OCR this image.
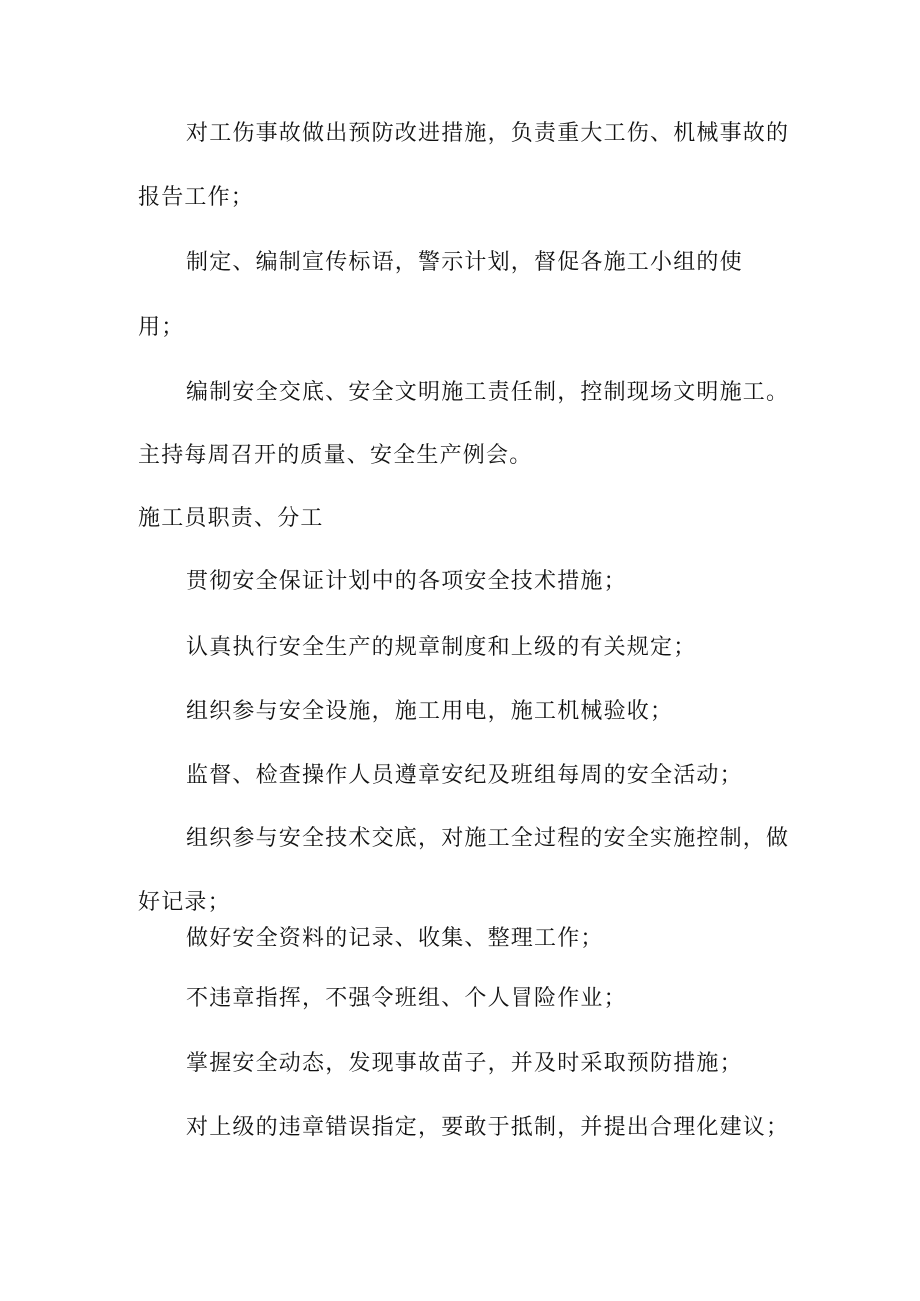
对工伤事故做出预防改进措施，负责重大工伤、机械事故的
报告工作；
制定、编制宣传标语，警示计划，督促各施工小组的使
用；
编制安全交底、安全文明施工责任制，控制现场文明施工。
主持每周召开的质量、安全生产例会。
施工员职责、分工
贯彻安全保证计划中的各项安全技术措施；
认真执行安全生产的规章制度和上级的有关规定；
组织参与安全设施，施工用电，施工机械验收；
监督、检查操作人员遵章安纪及班组每周的安全活动；
组织参与安全技术交底，对施工全过程的安全实施控制，做
好记录；
做好安全资料的记录、收集、整理工作；
不违章指挥，不强令班组、个人冒险作业；
掌握安全动态，发现事故苗子，并及时采取预防措施；
对上级的违章错误指定，要敢于抵制，并提出合理化建议；
